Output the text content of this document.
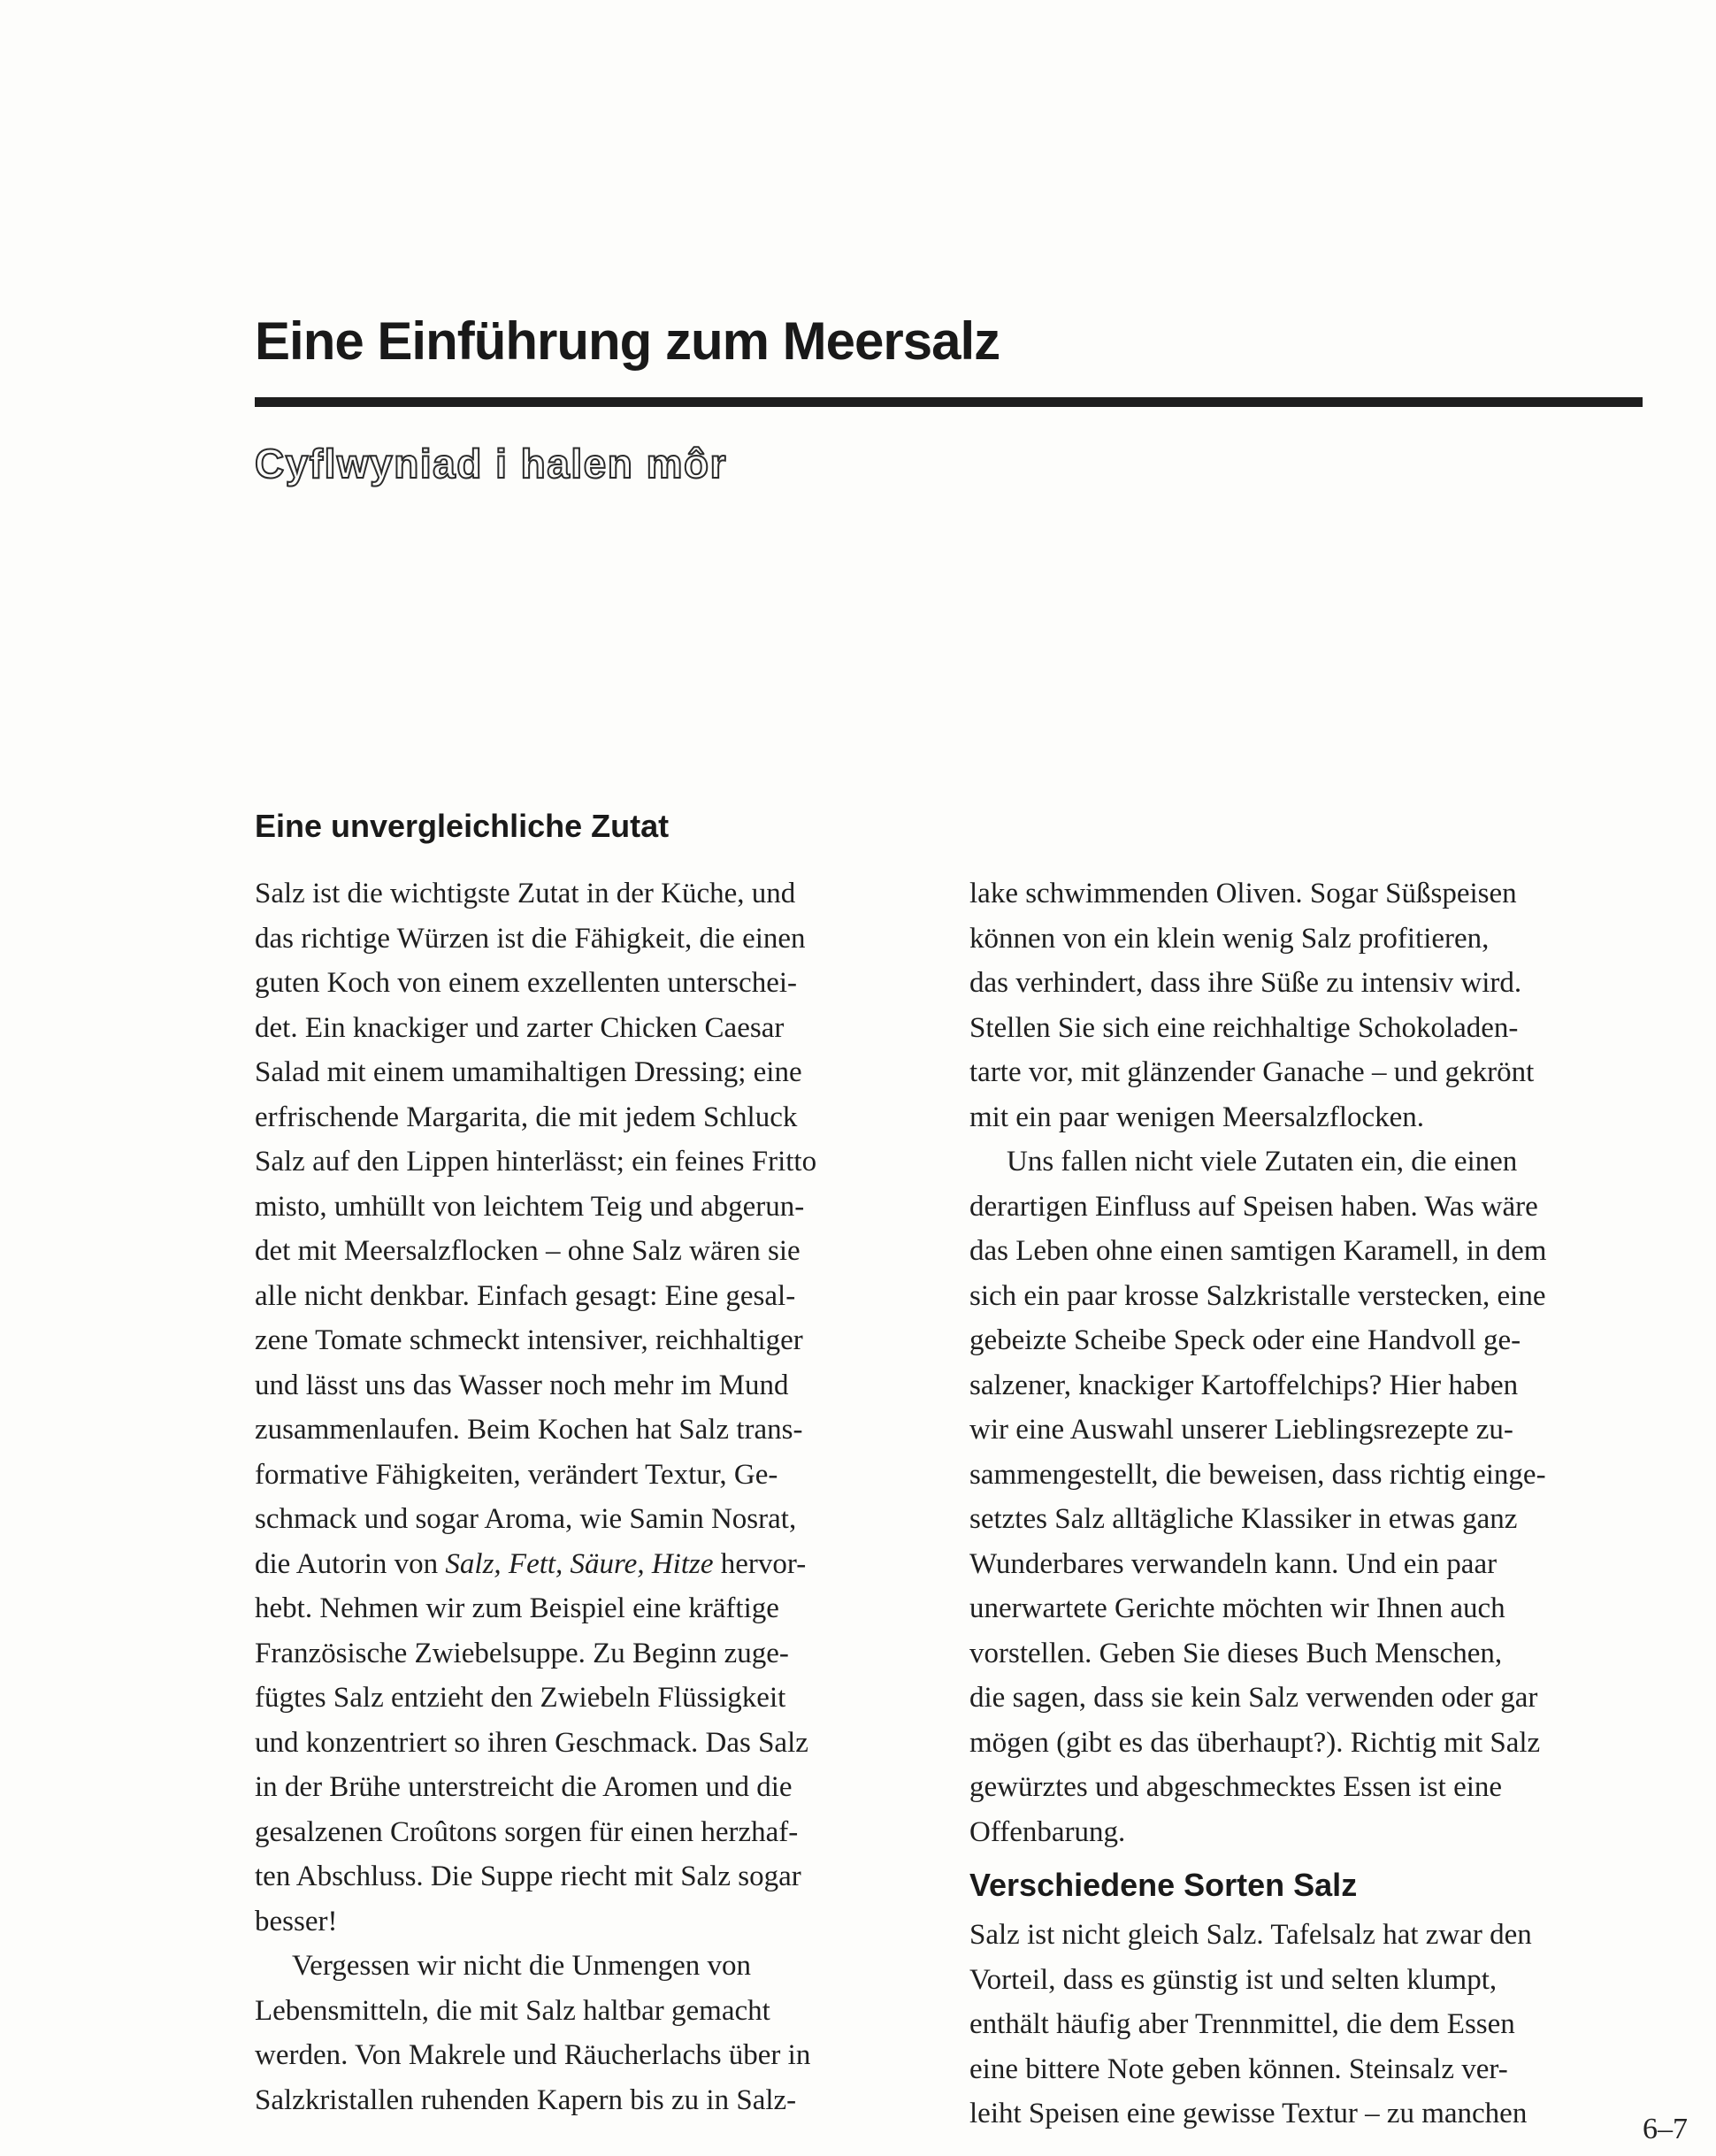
Eine Einführung zum Meersalz
Cyflwyniad i halen môr
Eine unvergleichliche Zutat
Salz ist die wichtigste Zutat in der Küche, und
das richtige Würzen ist die Fähigkeit, die einen
guten Koch von einem exzellenten unterschei-
det. Ein knackiger und zarter Chicken Caesar
Salad mit einem umamihaltigen Dressing; eine
erfrischende Margarita, die mit jedem Schluck
Salz auf den Lippen hinterlässt; ein feines Fritto
misto, umhüllt von leichtem Teig und abgerun-
det mit Meersalzflocken – ohne Salz wären sie
alle nicht denkbar. Einfach gesagt: Eine gesal-
zene Tomate schmeckt intensiver, reichhaltiger
und lässt uns das Wasser noch mehr im Mund
zusammenlaufen. Beim Kochen hat Salz trans-
formative Fähigkeiten, verändert Textur, Ge-
schmack und sogar Aroma, wie Samin Nosrat,
die Autorin von Salz, Fett, Säure, Hitze hervor-
hebt. Nehmen wir zum Beispiel eine kräftige
Französische Zwiebelsuppe. Zu Beginn zuge-
fügtes Salz entzieht den Zwiebeln Flüssigkeit
und konzentriert so ihren Geschmack. Das Salz
in der Brühe unterstreicht die Aromen und die
gesalzenen Croûtons sorgen für einen herzhaf-
ten Abschluss. Die Suppe riecht mit Salz sogar
besser!
Vergessen wir nicht die Unmengen von
Lebensmitteln, die mit Salz haltbar gemacht
werden. Von Makrele und Räucherlachs über in
Salzkristallen ruhenden Kapern bis zu in Salz-
lake schwimmenden Oliven. Sogar Süßspeisen
können von ein klein wenig Salz profitieren,
das verhindert, dass ihre Süße zu intensiv wird.
Stellen Sie sich eine reichhaltige Schokoladen-
tarte vor, mit glänzender Ganache – und gekrönt
mit ein paar wenigen Meersalzflocken.
Uns fallen nicht viele Zutaten ein, die einen
derartigen Einfluss auf Speisen haben. Was wäre
das Leben ohne einen samtigen Karamell, in dem
sich ein paar krosse Salzkristalle verstecken, eine
gebeizte Scheibe Speck oder eine Handvoll ge-
salzener, knackiger Kartoffelchips? Hier haben
wir eine Auswahl unserer Lieblingsrezepte zu-
sammengestellt, die beweisen, dass richtig einge-
setztes Salz alltägliche Klassiker in etwas ganz
Wunderbares verwandeln kann. Und ein paar
unerwartete Gerichte möchten wir Ihnen auch
vorstellen. Geben Sie dieses Buch Menschen,
die sagen, dass sie kein Salz verwenden oder gar
mögen (gibt es das überhaupt?). Richtig mit Salz
gewürztes und abgeschmecktes Essen ist eine
Offenbarung.
Verschiedene Sorten Salz
Salz ist nicht gleich Salz. Tafelsalz hat zwar den
Vorteil, dass es günstig ist und selten klumpt,
enthält häufig aber Trennmittel, die dem Essen
eine bittere Note geben können. Steinsalz ver-
leiht Speisen eine gewisse Textur – zu manchen	6–7
